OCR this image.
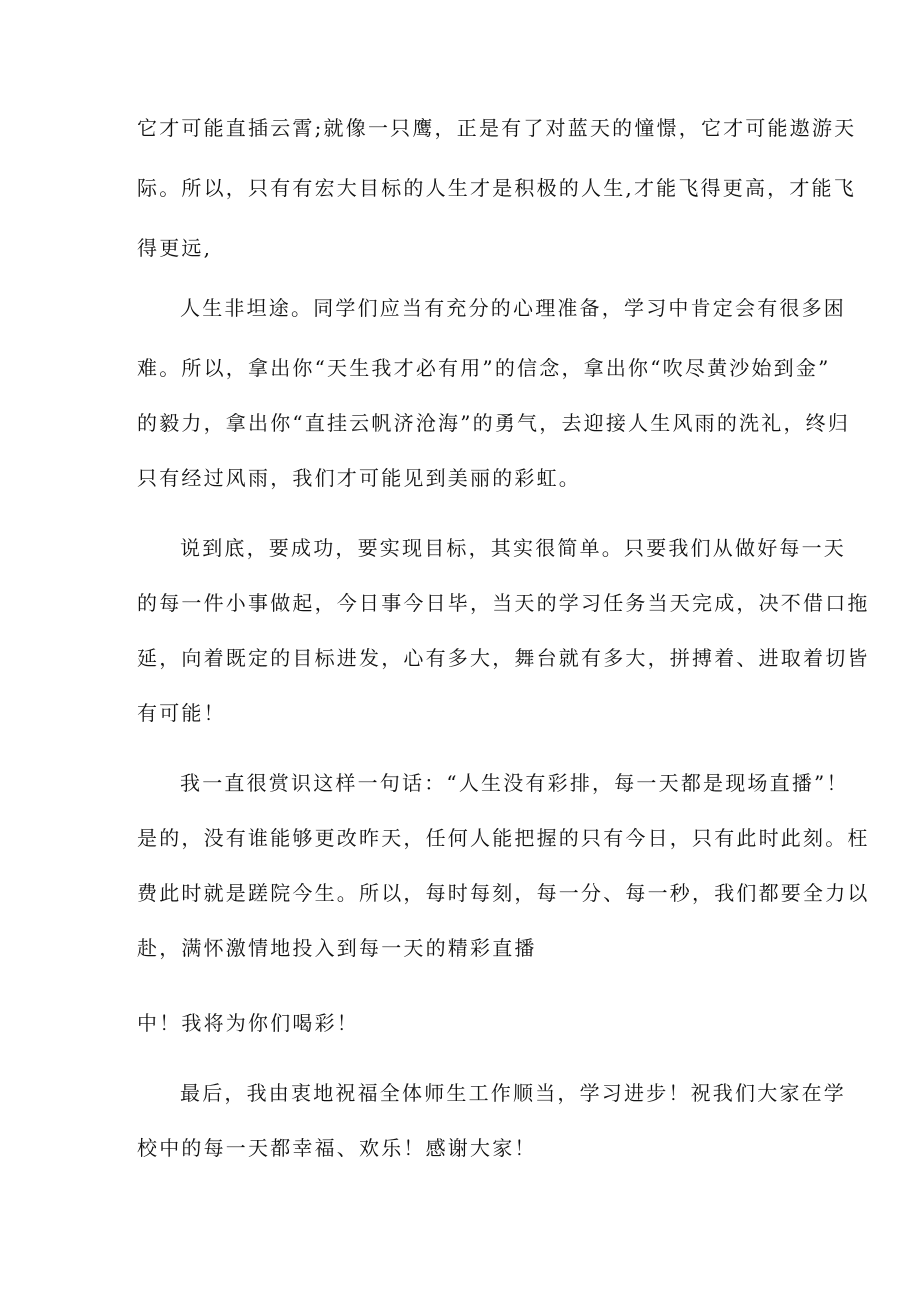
它才可能直插云霄;就像一只鹰，正是有了对蓝天的憧憬，它才可能遨游天
际。所以，只有有宏大目标的人生才是积极的人生,才能飞得更高，才能飞
得更远,
人生非坦途。同学们应当有充分的心理准备，学习中肯定会有很多困
难。所以，拿出你“天生我才必有用”的信念，拿出你“吹尽黄沙始到金”
的毅力，拿出你“直挂云帆济沧海”的勇气，去迎接人生风雨的洗礼，终归
只有经过风雨，我们才可能见到美丽的彩虹。
说到底，要成功，要实现目标，其实很简单。只要我们从做好每一天
的每一件小事做起，今日事今日毕，当天的学习任务当天完成，决不借口拖
延，向着既定的目标进发，心有多大，舞台就有多大，拼搏着、进取着切皆
有可能！
我一直很赏识这样一句话：“人生没有彩排，每一天都是现场直播”！
是的，没有谁能够更改昨天，任何人能把握的只有今日，只有此时此刻。枉
费此时就是蹉院今生。所以，每时每刻，每一分、每一秒，我们都要全力以
赴，满怀激情地投入到每一天的精彩直播
中！我将为你们喝彩！
最后，我由衷地祝福全体师生工作顺当，学习进步！祝我们大家在学
校中的每一天都幸福、欢乐！感谢大家！
